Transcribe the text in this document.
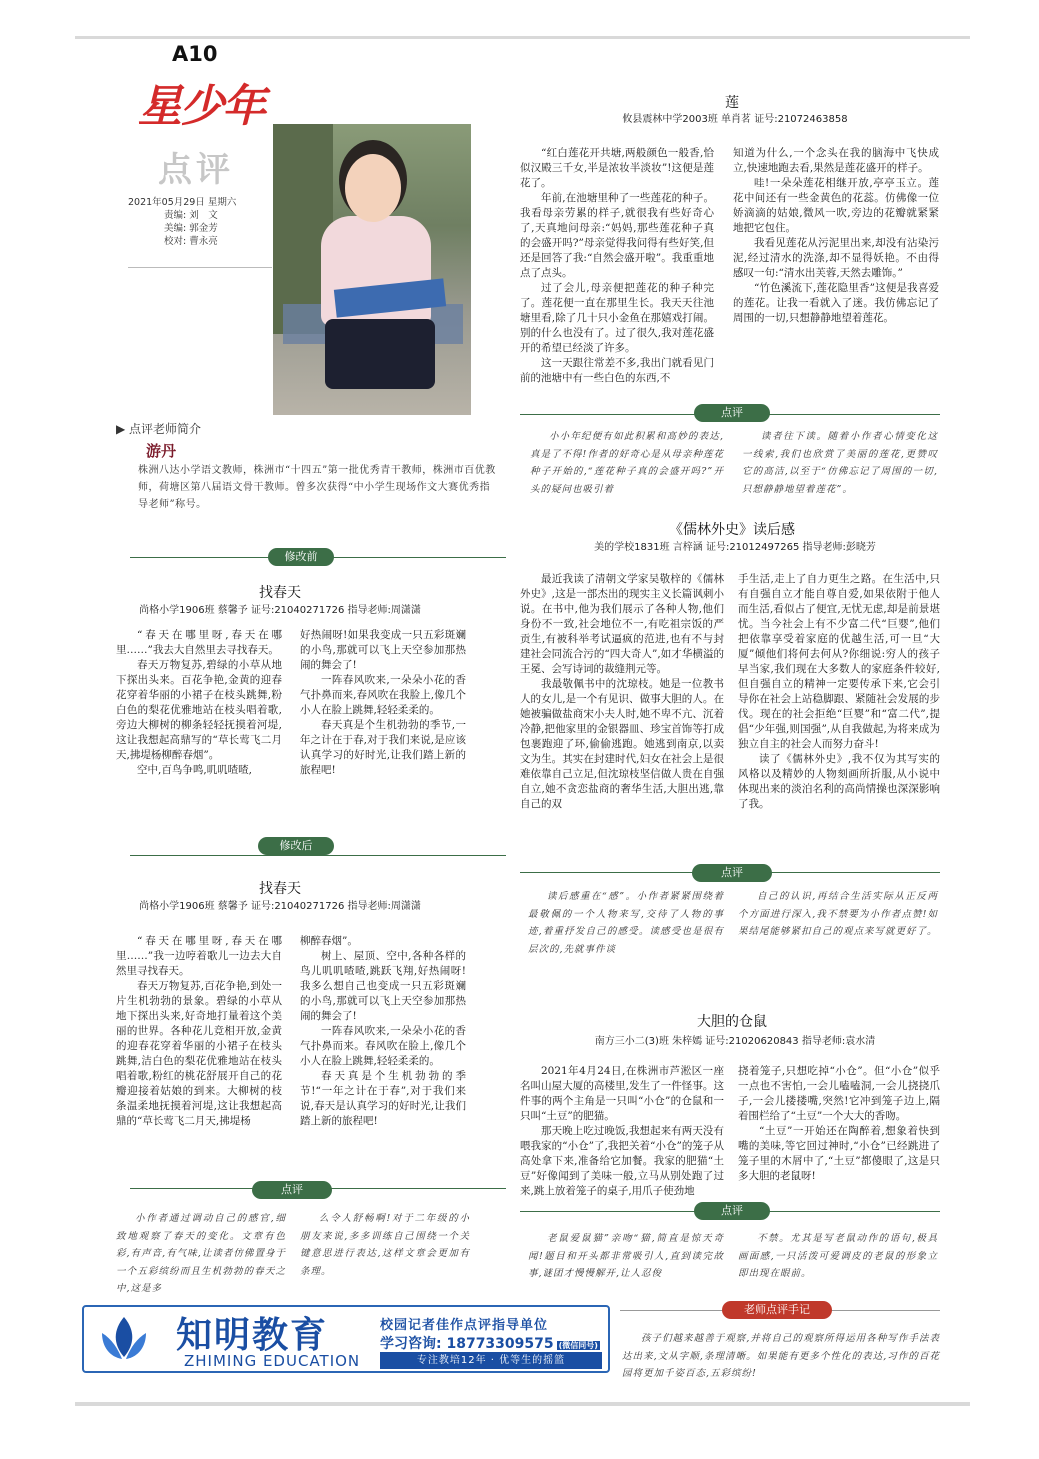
A10
星少年
点评
2021年05月29日 星期六
责编: 刘　文
美编: 郭金芳
校对: 曹永亮
▶ 点评老师简介
游丹
株洲八达小学语文教师，株洲市“十四五”第一批优秀青干教师，株洲市百优教师，荷塘区第八届语文骨干教师。曾多次获得“中小学生现场作文大赛优秀指导老师”称号。
修改前
找春天
尚格小学1906班 蔡馨予 证号:21040271726 指导老师:周潇潇

“春天在哪里呀,春天在哪里……”我去大自然里去寻找春天。

春天万物复苏,碧绿的小草从地下探出头来。百花争艳,金黄的迎春花穿着华丽的小裙子在枝头跳舞,粉白色的梨花优雅地站在枝头唱着歌,旁边大柳树的柳条轻轻抚摸着河堤,这让我想起高鼎写的“草长莺飞二月天,拂堤杨柳醉春烟”。

空中,百鸟争鸣,叽叽喳喳,

好热闹呀!如果我变成一只五彩斑斓的小鸟,那就可以飞上天空参加那热闹的舞会了!

一阵春风吹来,一朵朵小花的香气扑鼻而来,春风吹在我脸上,像几个小人在脸上跳舞,轻轻柔柔的。

春天真是个生机勃勃的季节,一年之计在于春,对于我们来说,是应该认真学习的好时光,让我们踏上新的旅程吧!

修改后
找春天
尚格小学1906班 蔡馨予 证号:21040271726 指导老师:周潇潇

“春天在哪里呀,春天在哪里……”我一边哼着歌儿一边去大自然里寻找春天。

春天万物复苏,百花争艳,到处一片生机勃勃的景象。碧绿的小草从地下探出头来,好奇地打量着这个美丽的世界。各种花儿竞相开放,金黄的迎春花穿着华丽的小裙子在枝头跳舞,洁白色的梨花优雅地站在枝头唱着歌,粉红的桃花舒展开自己的花瓣迎接着姑娘的到来。大柳树的枝条温柔地抚摸着河堤,这让我想起高鼎的“草长莺飞二月天,拂堤杨

柳醉春烟”。

树上、屋顶、空中,各种各样的鸟儿叽叽喳喳,跳跃飞翔,好热闹呀!我多么想自己也变成一只五彩斑斓的小鸟,那就可以飞上天空参加那热闹的舞会了!

一阵春风吹来,一朵朵小花的香气扑鼻而来。春风吹在脸上,像几个小人在脸上跳舞,轻轻柔柔的。

春天真是个生机勃勃的季节!“一年之计在于春”,对于我们来说,春天是认真学习的好时光,让我们踏上新的旅程吧!

点评

小作者通过调动自己的感官,细致地观察了春天的变化。文章有色彩,有声音,有气味,让读者仿佛置身于一个五彩缤纷而且生机勃勃的春天之中,这是多

么令人舒畅啊!对于二年级的小朋友来说,多多训练自己围绕一个关键意思进行表达,这样文章会更加有条理。

莲
攸县震林中学2003班 单肖茗 证号:21072463858

“红白莲花开共塘,两般颜色一般香,恰似汉殿三千女,半是浓妆半淡妆”!这便是莲花了。

年前,在池塘里种了一些莲花的种子。我看母亲劳累的样子,就很我有些好奇心了,天真地问母亲:“妈妈,那些莲花种子真的会盛开吗?”母亲觉得我问得有些好笑,但还是回答了我:“自然会盛开啦”。我重重地点了点头。

过了会儿,母亲便把莲花的种子种完了。莲花便一直在那里生长。我天天往池塘里看,除了几十只小金鱼在那嬉戏打闹。别的什么也没有了。过了很久,我对莲花盛开的希望已经淡了许多。

这一天跟往常差不多,我出门就看见门前的池塘中有一些白色的东西,不

知道为什么,一个念头在我的脑海中飞快成立,快速地跑去看,果然是莲花盛开的样子。

哇!一朵朵莲花相继开放,亭亭玉立。莲花中间还有一些金黄色的花蕊。仿佛像一位娇滴滴的姑娘,微风一吹,旁边的花瓣就紧紧地把它包住。

我看见莲花从污泥里出来,却没有沾染污泥,经过清水的洗涤,却不显得妖艳。不由得感叹一句:“清水出芙蓉,天然去雕饰。”

“竹色溪流下,莲花隐里香”这便是我喜爱的莲花。让我一看就入了迷。我仿佛忘记了周围的一切,只想静静地望着莲花。

点评

小小年纪便有如此积累和高妙的表达,真是了不得!作者的好奇心是从母亲种莲花种子开始的,“莲花种子真的会盛开吗?”开头的疑问也吸引着

读者往下读。随着小作者心情变化这一线索,我们也欣赏了美丽的莲花,更赞叹它的高洁,以至于“仿佛忘记了周围的一切,只想静静地望着莲花”。

《儒林外史》读后感
美的学校1831班 言梓涵 证号:21012497265 指导老师:彭晓芳

最近我读了清朝文学家吴敬梓的《儒林外史》,这是一部杰出的现实主义长篇讽刺小说。在书中,他为我们展示了各种人物,他们身份不一致,社会地位不一,有吃祖宗饭的严贡生,有被科举考试逼疯的范进,也有不与封建社会同流合污的“四大奇人”,如才华横溢的王冕、会写诗词的裁缝荆元等。

我最敬佩书中的沈琼枝。她是一位教书人的女儿,是一个有见识、做事大胆的人。在她被骗做盐商宋小夫人时,她不卑不亢、沉着冷静,把他家里的金银器皿、珍宝首饰等打成包裹跑迎了环,偷偷逃跑。她逃到南京,以卖文为生。其实在封建时代,妇女在社会上是很难依靠自己立足,但沈琼枝坚信做人贵在自强自立,她不贪恋盐商的奢华生活,大胆出逃,靠自己的双

手生活,走上了自力更生之路。在生活中,只有自强自立才能自尊自爱,如果依附于他人而生活,看似占了便宜,无忧无虑,却是前景堪忧。当今社会上有不少富二代“巨婴”,他们把依靠享受着家庭的优越生活,可一旦“大厦”倾他们将何去何从?你细说:穷人的孩子早当家,我们现在大多数人的家庭条件较好,但自强自立的精神一定要传承下来,它会引导你在社会上站稳脚跟、紧随社会发展的步伐。现在的社会拒绝“巨婴”和“富二代”,提倡“少年强,则国强”,从自我做起,为将来成为独立自主的社会人而努力奋斗!

读了《儒林外史》,我不仅为其写实的风格以及精妙的人物刻画所折服,从小说中体现出来的淡泊名利的高尚情操也深深影响了我。

点评

读后感重在“感”。小作者紧紧围绕着最敬佩的一个人物来写,交待了人物的事迹,着重抒发自己的感受。读感受也是很有层次的,先就事件谈

自己的认识,再结合生活实际从正反两个方面进行深入,我不禁要为小作者点赞!如果结尾能够紧扣自己的观点来写就更好了。

大胆的仓鼠
南方三小二(3)班 朱梓嫣 证号:21020620843 指导老师:袁水清

2021年4月24日,在株洲市芦淞区一座名叫山屋大厦的高楼里,发生了一件怪事。这件事的两个主角是一只叫“小仓”的仓鼠和一只叫“土豆”的肥猫。

那天晚上吃过晚饭,我想起来有两天没有喂我家的“小仓”了,我把关着“小仓”的笼子从高处拿下来,准备给它加餐。我家的肥猫“土豆”好像闻到了美味一般,立马从别处跑了过来,跳上放着笼子的桌子,用爪子使劲地

挠着笼子,只想吃掉“小仓”。但“小仓”似乎一点也不害怕,一会儿嗑嗑洞,一会儿挠挠爪子,一会儿搂搂嘴,突然!它冲到笼子边上,隔着围栏给了“土豆”一个大大的香吻。

“土豆”一开始还在陶醉着,想象着快到嘴的美味,等它回过神时,“小仓”已经跳进了笼子里的木屑中了,“土豆”都傻眼了,这是只多大胆的老鼠呀!

点评

老鼠爱鼠猫”亲吻“猫,简直是惊天奇闻!题目和开头都非常吸引人,直到读完故事,谜团才慢慢解开,让人忍俊

不禁。尤其是写老鼠动作的语句,极具画面感,一只活泼可爱调皮的老鼠的形象立即出现在眼前。

老师点评手记

孩子们越来越善于观察,并将自己的观察所得运用各种写作手法表达出来,文从字顺,条理清晰。如果能有更多个性化的表达,习作的百花园将更加千姿百态,五彩缤纷!

知明教育
ZHIMING EDUCATION
校园记者佳作点评指导单位
学习咨询: 18773309575 (微信同号)
专注教培12年 · 优等生的摇篮
